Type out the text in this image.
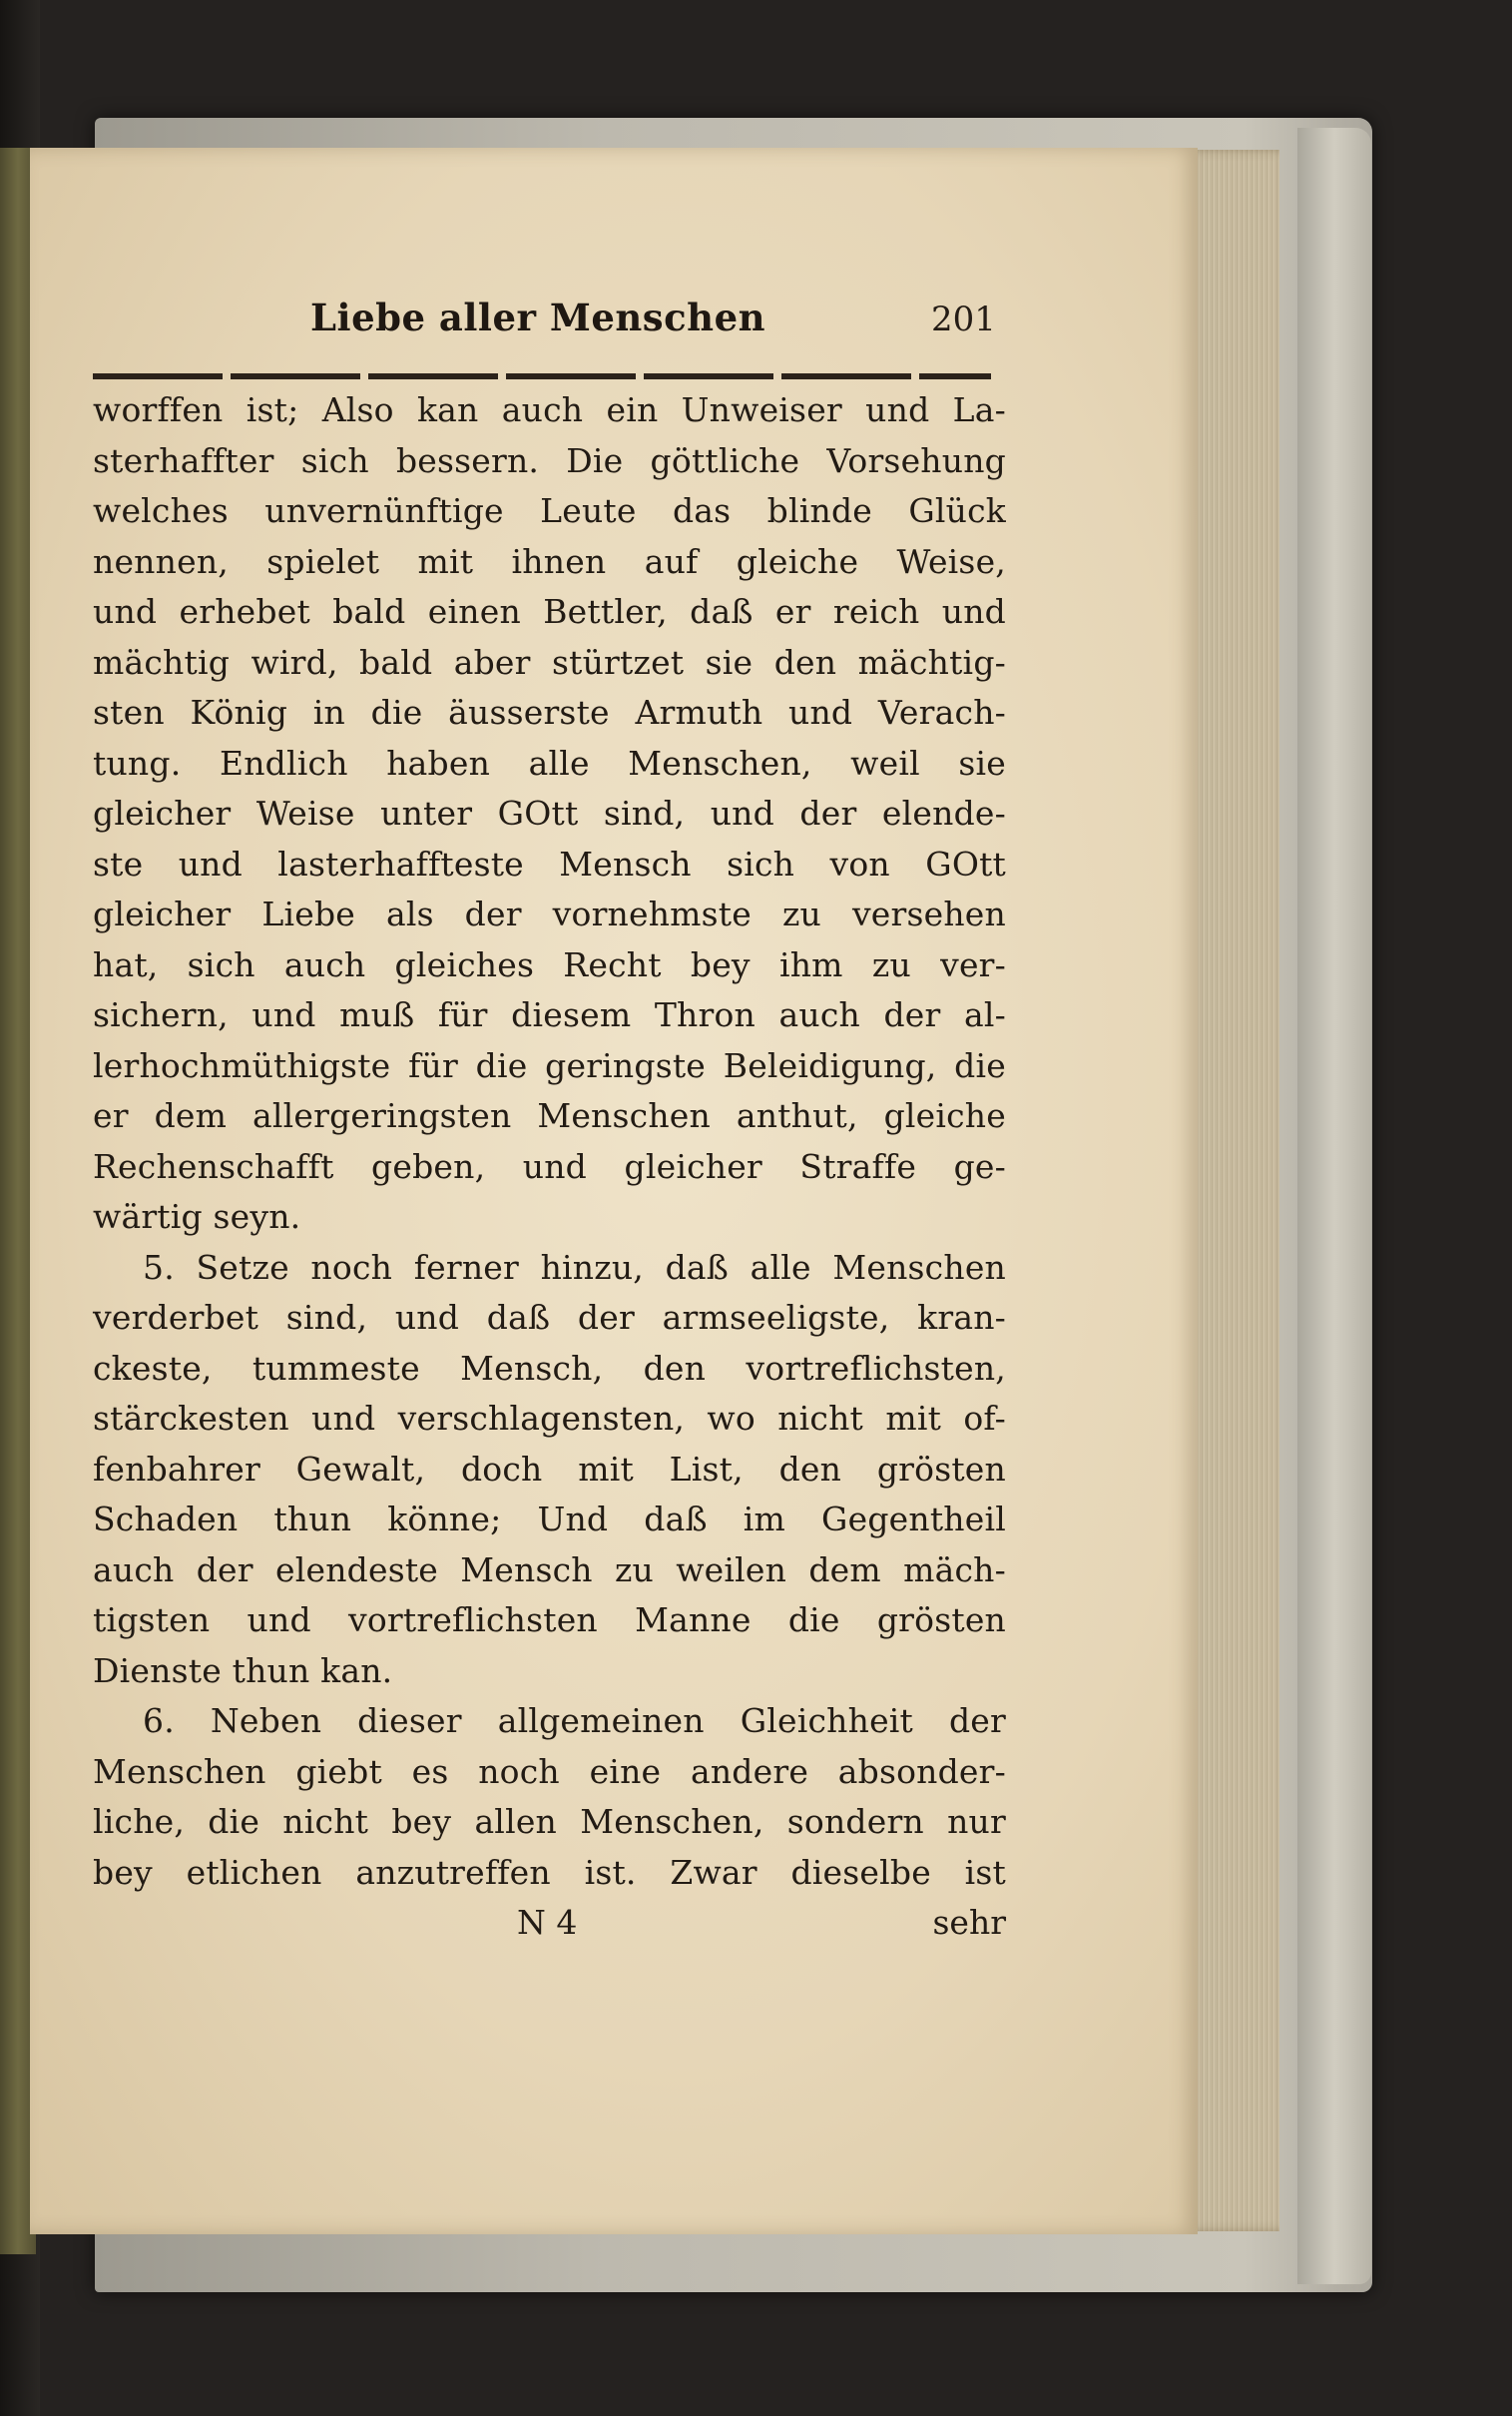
Liebe aller Menschen	201
worffen ist; Also kan auch ein Unweiser und La-
sterhaffter sich bessern. Die göttliche Vorsehung
welches unvernünftige Leute das blinde Glück
nennen, spielet mit ihnen auf gleiche Weise,
und erhebet bald einen Bettler, daß er reich und
mächtig wird, bald aber stürtzet sie den mächtig-
sten König in die äusserste Armuth und Verach-
tung. Endlich haben alle Menschen, weil sie
gleicher Weise unter GOtt sind, und der elende-
ste und lasterhaffteste Mensch sich von GOtt
gleicher Liebe als der vornehmste zu versehen
hat, sich auch gleiches Recht bey ihm zu ver-
sichern, und muß für diesem Thron auch der al-
lerhochmüthigste für die geringste Beleidigung, die
er dem allergeringsten Menschen anthut, gleiche
Rechenschafft geben, und gleicher Straffe ge-
wärtig seyn.
5. Setze noch ferner hinzu, daß alle Menschen
verderbet sind, und daß der armseeligste, kran-
ckeste, tummeste Mensch, den vortreflichsten,
stärckesten und verschlagensten, wo nicht mit of-
fenbahrer Gewalt, doch mit List, den grösten
Schaden thun könne; Und daß im Gegentheil
auch der elendeste Mensch zu weilen dem mäch-
tigsten und vortreflichsten Manne die grösten
Dienste thun kan.
6. Neben dieser allgemeinen Gleichheit der
Menschen giebt es noch eine andere absonder-
liche, die nicht bey allen Menschen, sondern nur
bey etlichen anzutreffen ist. Zwar dieselbe ist
N 4	sehr
